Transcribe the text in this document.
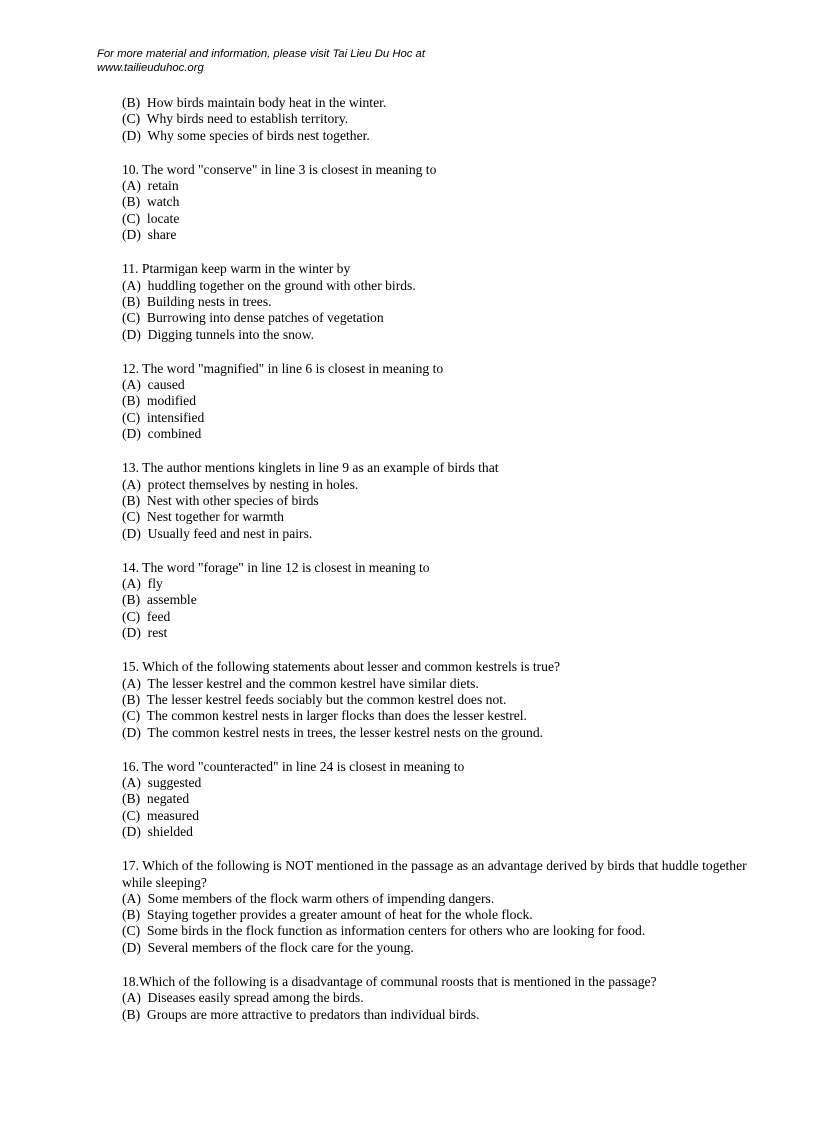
For more material and information, please visit Tai Lieu Du Hoc at
www.tailieuduhoc.org
(B)  How birds maintain body heat in the winter.
(C)  Why birds need to establish territory.
(D)  Why some species of birds nest together.
10. The word "conserve" in line 3 is closest in meaning to
(A)  retain
(B)  watch
(C)  locate
(D)  share
11. Ptarmigan keep warm in the winter by
(A)  huddling together on the ground with other birds.
(B)  Building nests in trees.
(C)  Burrowing into dense patches of vegetation
(D)  Digging tunnels into the snow.
12. The word "magnified" in line 6 is closest in meaning to
(A)  caused
(B)  modified
(C)  intensified
(D)  combined
13. The author mentions kinglets in line 9 as an example of birds that
(A)  protect themselves by nesting in holes.
(B)  Nest with other species of birds
(C)  Nest together for warmth
(D)  Usually feed and nest in pairs.
14. The word "forage" in line 12 is closest in meaning to
(A)  fly
(B)  assemble
(C)  feed
(D)  rest
15. Which of the following statements about lesser and common kestrels is true?
(A)  The lesser kestrel and the common kestrel have similar diets.
(B)  The lesser kestrel feeds sociably but the common kestrel does not.
(C)  The common kestrel nests in larger flocks than does the lesser kestrel.
(D)  The common kestrel nests in trees, the lesser kestrel nests on the ground.
16. The word "counteracted" in line 24 is closest in meaning to
(A)  suggested
(B)  negated
(C)  measured
(D)  shielded
17. Which of the following is NOT mentioned in the passage as an advantage derived by birds that huddle together while sleeping?
(A)  Some members of the flock warm others of impending dangers.
(B)  Staying together provides a greater amount of heat for the whole flock.
(C)  Some birds in the flock function as information centers for others who are looking for food.
(D)  Several members of the flock care for the young.
18.Which of the following is a disadvantage of communal roosts that is mentioned in the passage?
(A)  Diseases easily spread among the birds.
(B)  Groups are more attractive to predators than individual birds.
